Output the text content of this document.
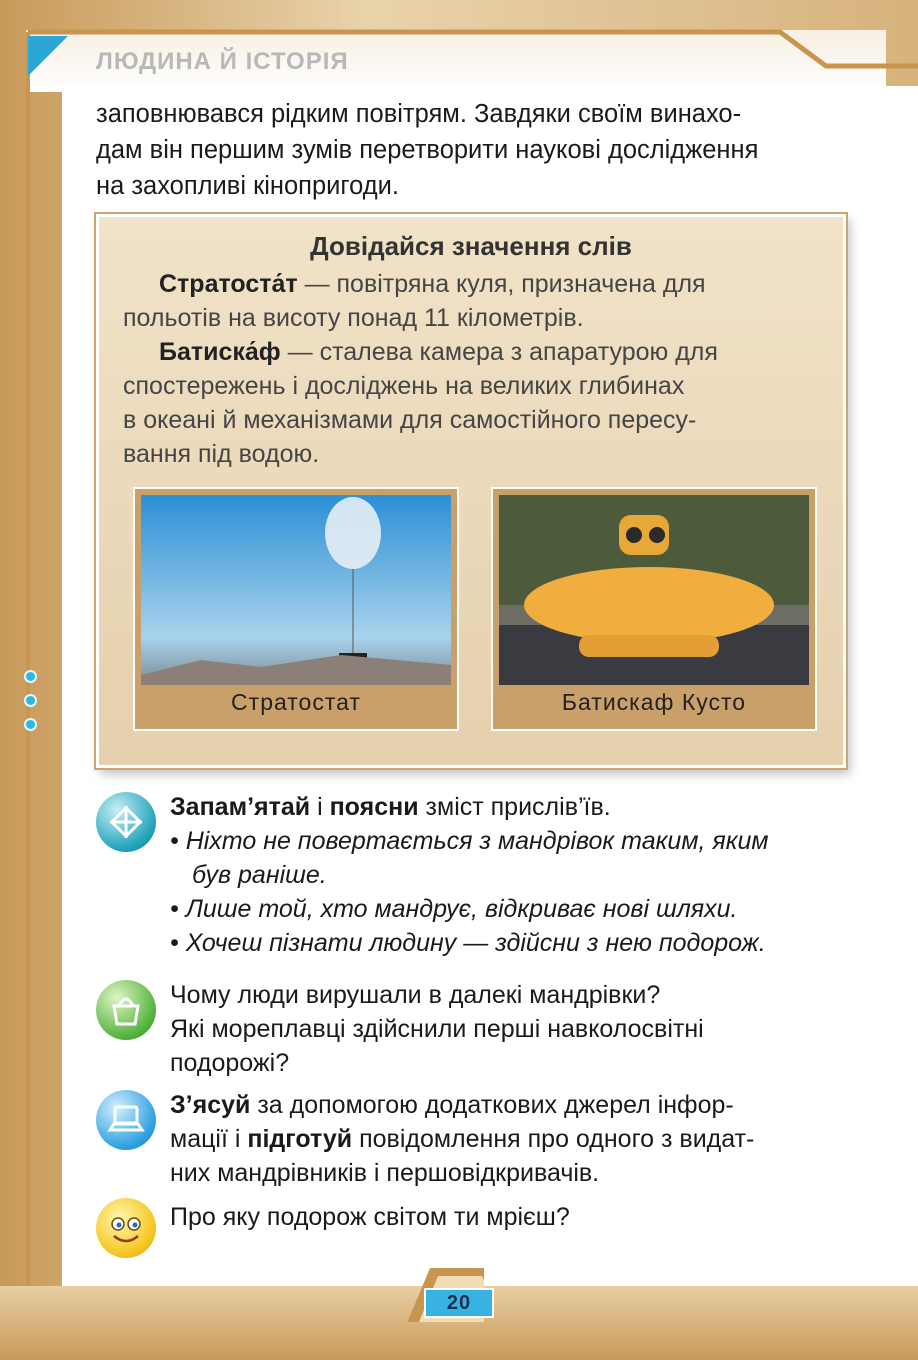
ЛЮДИНА Й ІСТОРІЯ
заповнювався рідким повітрям. Завдяки своїм винахо-
дам він першим зумів перетворити наукові дослідження
на захопливі кінопригоди.
Довідайся значення слів
Стратоста́т — повітряна куля, призначена для
польотів на висоту понад 11 кілометрів.
Батиска́ф — сталева камера з апаратурою для
спостережень і досліджень на великих глибинах
в океані й механізмами для самостійного пересу-
вання під водою.
Стратостат	Батискаф Кусто
Запам’ятай і поясни зміст прислів’їв.
• Ніхто не повертається з мандрівок таким, яким
був раніше.
• Лише той, хто мандрує, відкриває нові шляхи.
• Хочеш пізнати людину — здійсни з нею подорож.
Чому люди вирушали в далекі мандрівки?
Які мореплавці здійснили перші навколосвітні
подорожі?
З’ясуй за допомогою додаткових джерел інфор-
мації і підготуй повідомлення про одного з видат-
них мандрівників і першовідкривачів.
Про яку подорож світом ти мрієш?
20
